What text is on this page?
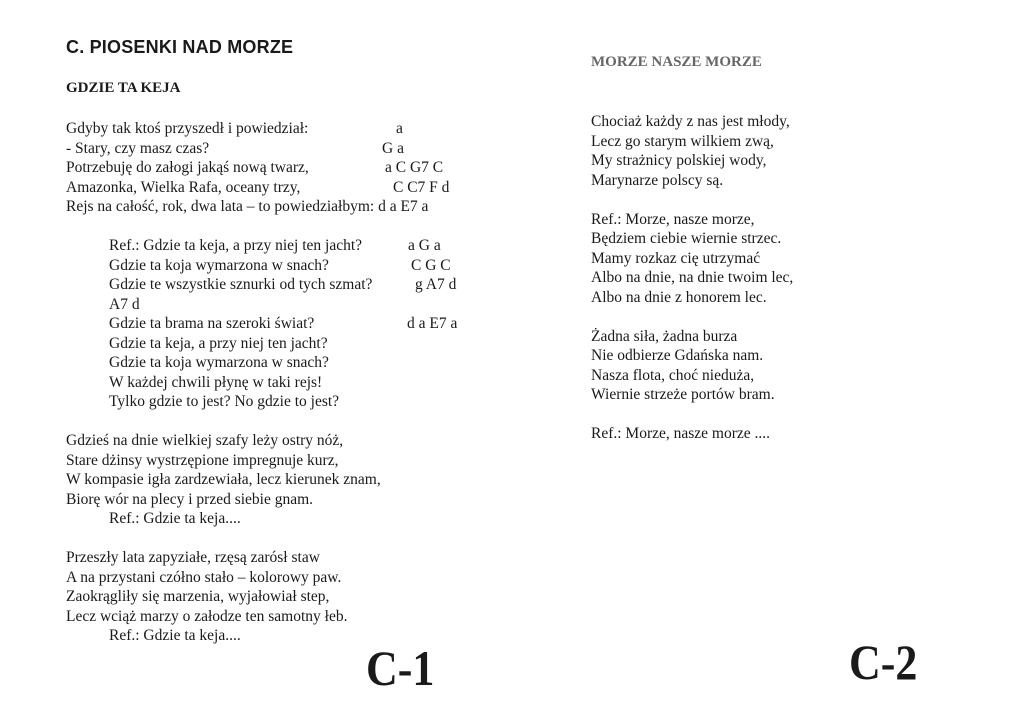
C. PIOSENKI NAD MORZE
GDZIE TA KEJA
Gdyby tak ktoś przyszedł i powiedział:	a
- Stary, czy masz czas?	G a
Potrzebuję do załogi jakąś nową twarz,	a C G7 C
Amazonka, Wielka Rafa, oceany trzy,	C C7 F d
Rejs na całość, rok, dwa lata – to powiedziałbym: d a E7 a
Ref.: Gdzie ta keja, a przy niej ten jacht?	a G a
Gdzie ta koja wymarzona w snach?	C G C
Gdzie te wszystkie sznurki od tych szmat?	g A7 d
A7 d
Gdzie ta brama na szeroki świat?	d a E7 a
Gdzie ta keja, a przy niej ten jacht?
Gdzie ta koja wymarzona w snach?
W każdej chwili płynę w taki rejs!
Tylko gdzie to jest? No gdzie to jest?
Gdzieś na dnie wielkiej szafy leży ostry nóż,
Stare dżinsy wystrzępione impregnuje kurz,
W kompasie igła zardzewiała, lecz kierunek znam,
Biorę wór na plecy i przed siebie gnam.
Ref.: Gdzie ta keja....
Przeszły lata zapyziałe, rzęsą zarósł staw
A na przystani czółno stało – kolorowy paw.
Zaokrągliły się marzenia, wyjałowiał step,
Lecz wciąż marzy o załodze ten samotny łeb.
Ref.: Gdzie ta keja....
C-1
MORZE NASZE MORZE
Chociaż każdy z nas jest młody,
Lecz go starym wilkiem zwą,
My strażnicy polskiej wody,
Marynarze polscy są.
Ref.: Morze, nasze morze,
Będziem ciebie wiernie strzec.
Mamy rozkaz cię utrzymać
Albo na dnie, na dnie twoim lec,
Albo na dnie z honorem lec.
Żadna siła, żadna burza
Nie odbierze Gdańska nam.
Nasza flota, choć nieduża,
Wiernie strzeże portów bram.
Ref.: Morze, nasze morze ....
C-2
